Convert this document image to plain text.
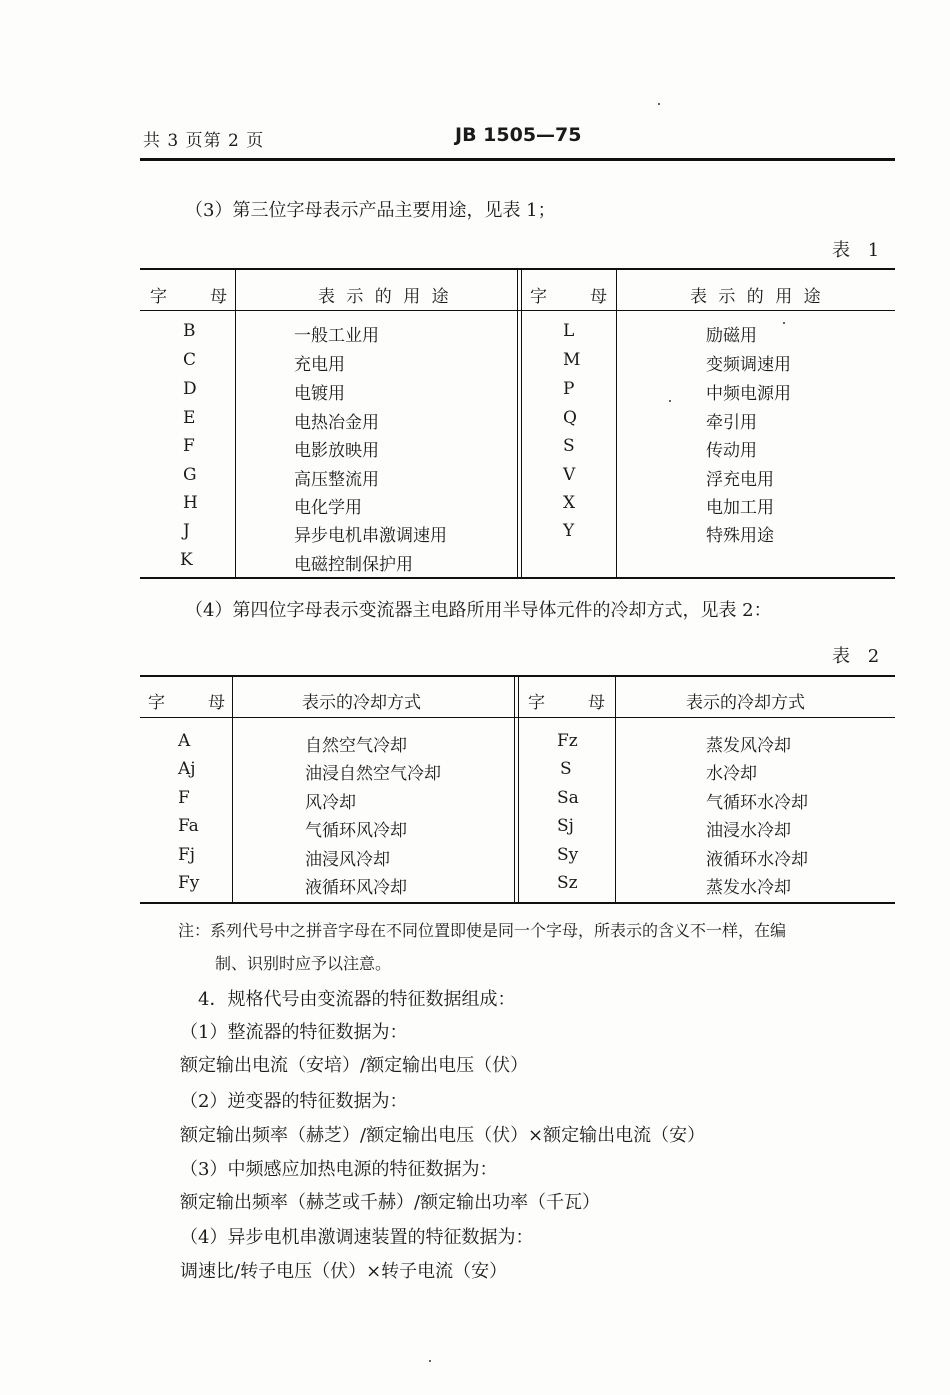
共 3 页第 2 页	JB 1505—75
（3）第三位字母表示产品主要用途，见表 1；
表 1
字　　母	表 示 的 用 途	字　　母	表 示 的 用 途
B	一般工业用	L	励磁用
C	充电用	M	变频调速用
D	电镀用	P	中频电源用
E	电热冶金用	Q	牵引用
F	电影放映用	S	传动用
G	高压整流用	V	浮充电用
H	电化学用	X	电加工用
J	异步电机串激调速用	Y	特殊用途
K	电磁控制保护用
（4）第四位字母表示变流器主电路所用半导体元件的冷却方式，见表 2：
表 2
字　　母	表示的冷却方式	字　　母	表示的冷却方式
A	自然空气冷却	Fz	蒸发风冷却
Aj	油浸自然空气冷却	S	水冷却
F	风冷却	Sa	气循环水冷却
Fa	气循环风冷却	Sj	油浸水冷却
Fj	油浸风冷却	Sy	液循环水冷却
Fy	液循环风冷却	Sz	蒸发水冷却
注：系列代号中之拼音字母在不同位置即使是同一个字母，所表示的含义不一样，在编
制、识别时应予以注意。
4．规格代号由变流器的特征数据组成：
（1）整流器的特征数据为：
额定输出电流（安培）/额定输出电压（伏）
（2）逆变器的特征数据为：
额定输出频率（赫芝）/额定输出电压（伏）×额定输出电流（安）
（3）中频感应加热电源的特征数据为：
额定输出频率（赫芝或千赫）/额定输出功率（千瓦）
（4）异步电机串激调速装置的特征数据为：
调速比/转子电压（伏）×转子电流（安）
